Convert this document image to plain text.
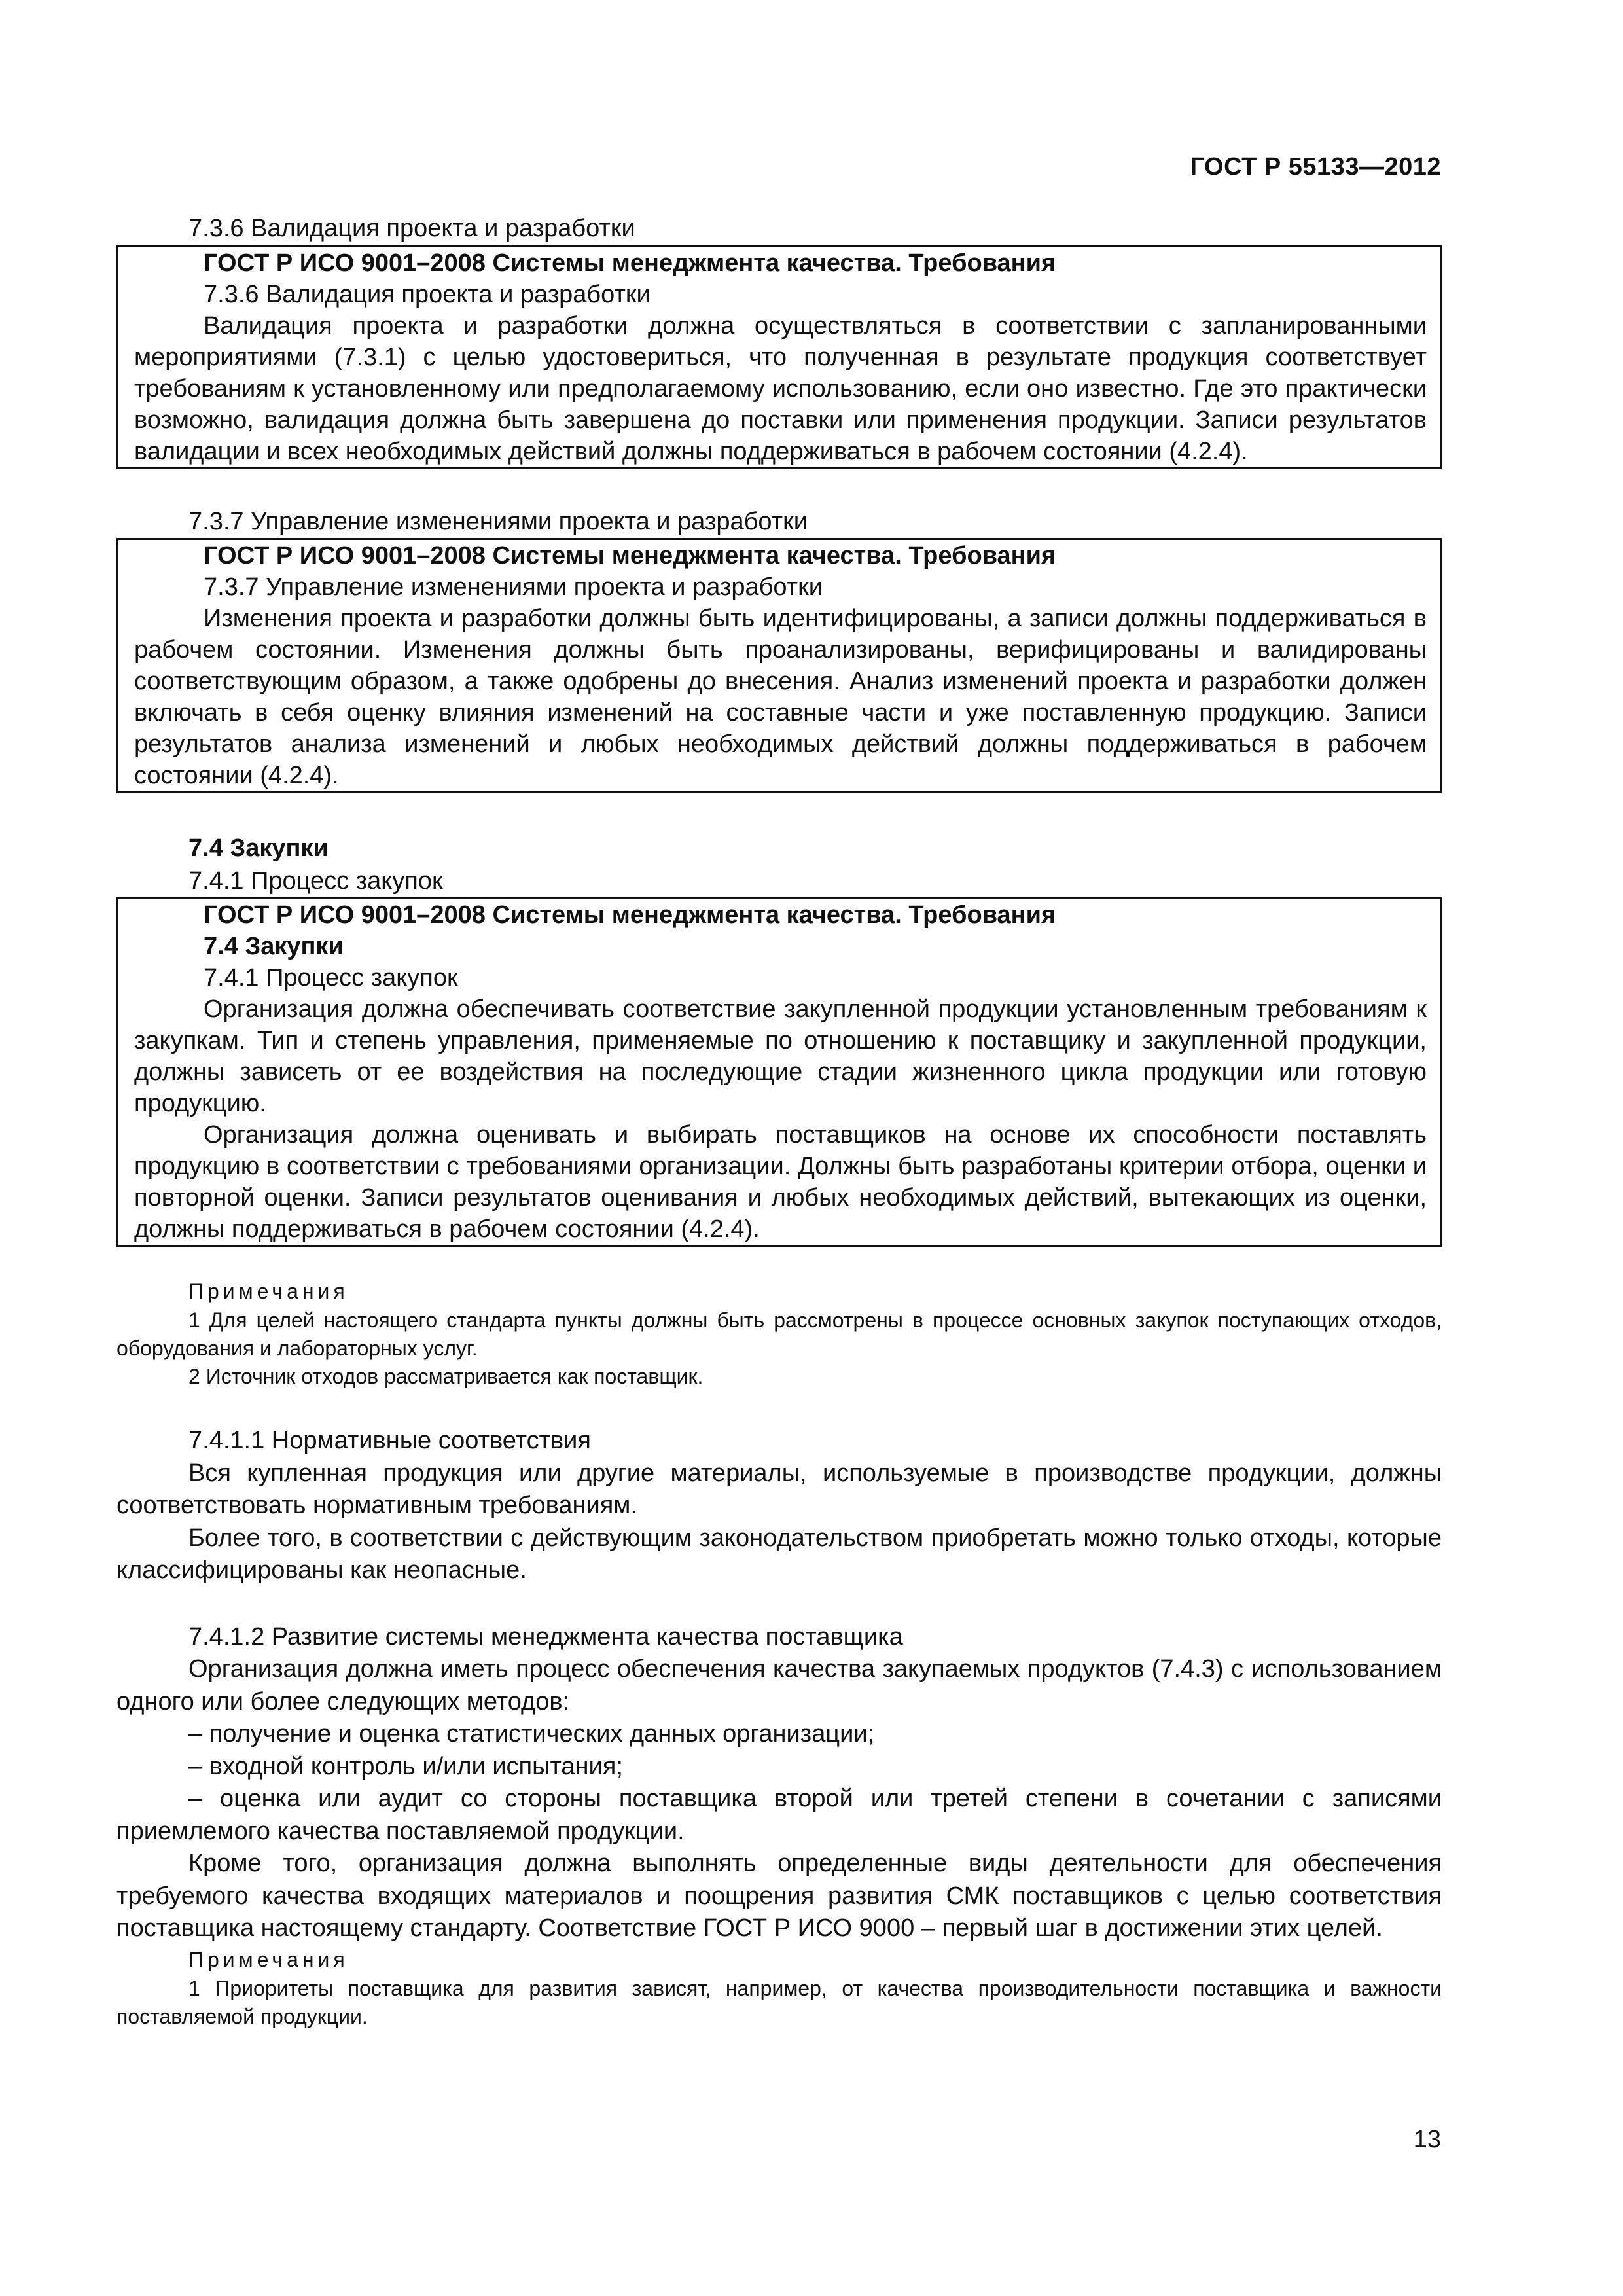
ГОСТ Р 55133—2012

7.3.6 Валидация проекта и разработки

ГОСТ Р ИСО 9001–2008 Системы менеджмента качества. Требования

7.3.6 Валидация проекта и разработки

Валидация проекта и разработки должна осуществляться в соответствии с запланированными мероприятиями (7.3.1) с целью удостовериться, что полученная в результате продукция соответствует требованиям к установленному или предполагаемому использованию, если оно известно. Где это практически возможно, валидация должна быть завершена до поставки или применения продукции. Записи результатов валидации и всех необходимых действий должны поддерживаться в рабочем состоянии (4.2.4).

7.3.7 Управление изменениями проекта и разработки

ГОСТ Р ИСО 9001–2008 Системы менеджмента качества. Требования

7.3.7 Управление изменениями проекта и разработки

Изменения проекта и разработки должны быть идентифицированы, а записи должны поддерживаться в рабочем состоянии. Изменения должны быть проанализированы, верифицированы и валидированы соответствующим образом, а также одобрены до внесения. Анализ изменений проекта и разработки должен включать в себя оценку влияния изменений на составные части и уже поставленную продукцию. Записи результатов анализа изменений и любых необходимых действий должны поддерживаться в рабочем состоянии (4.2.4).

7.4 Закупки

7.4.1 Процесс закупок

ГОСТ Р ИСО 9001–2008 Системы менеджмента качества. Требования

7.4 Закупки

7.4.1 Процесс закупок

Организация должна обеспечивать соответствие закупленной продукции установленным требованиям к закупкам. Тип и степень управления, применяемые по отношению к поставщику и закупленной продукции, должны зависеть от ее воздействия на последующие стадии жизненного цикла продукции или готовую продукцию.

Организация должна оценивать и выбирать поставщиков на основе их способности поставлять продукцию в соответствии с требованиями организации. Должны быть разработаны критерии отбора, оценки и повторной оценки. Записи результатов оценивания и любых необходимых действий, вытекающих из оценки, должны поддерживаться в рабочем состоянии (4.2.4).

Примечания

1 Для целей настоящего стандарта пункты должны быть рассмотрены в процессе основных закупок поступающих отходов, оборудования и лабораторных услуг.

2 Источник отходов рассматривается как поставщик.

7.4.1.1 Нормативные соответствия

Вся купленная продукция или другие материалы, используемые в производстве продукции, должны соответствовать нормативным требованиям.

Более того, в соответствии с действующим законодательством приобретать можно только отходы, которые классифицированы как неопасные.

7.4.1.2 Развитие системы менеджмента качества поставщика

Организация должна иметь процесс обеспечения качества закупаемых продуктов (7.4.3) с использованием одного или более следующих методов:

– получение и оценка статистических данных организации;

– входной контроль и/или испытания;

– оценка или аудит со стороны поставщика второй или третей степени в сочетании с записями приемлемого качества поставляемой продукции.

Кроме того, организация должна выполнять определенные виды деятельности для обеспечения требуемого качества входящих материалов и поощрения развития СМК поставщиков с целью соответствия поставщика настоящему стандарту. Соответствие ГОСТ Р ИСО 9000 – первый шаг в достижении этих целей.

Примечания

1 Приоритеты поставщика для развития зависят, например, от качества производительности поставщика и важности поставляемой продукции.

13
